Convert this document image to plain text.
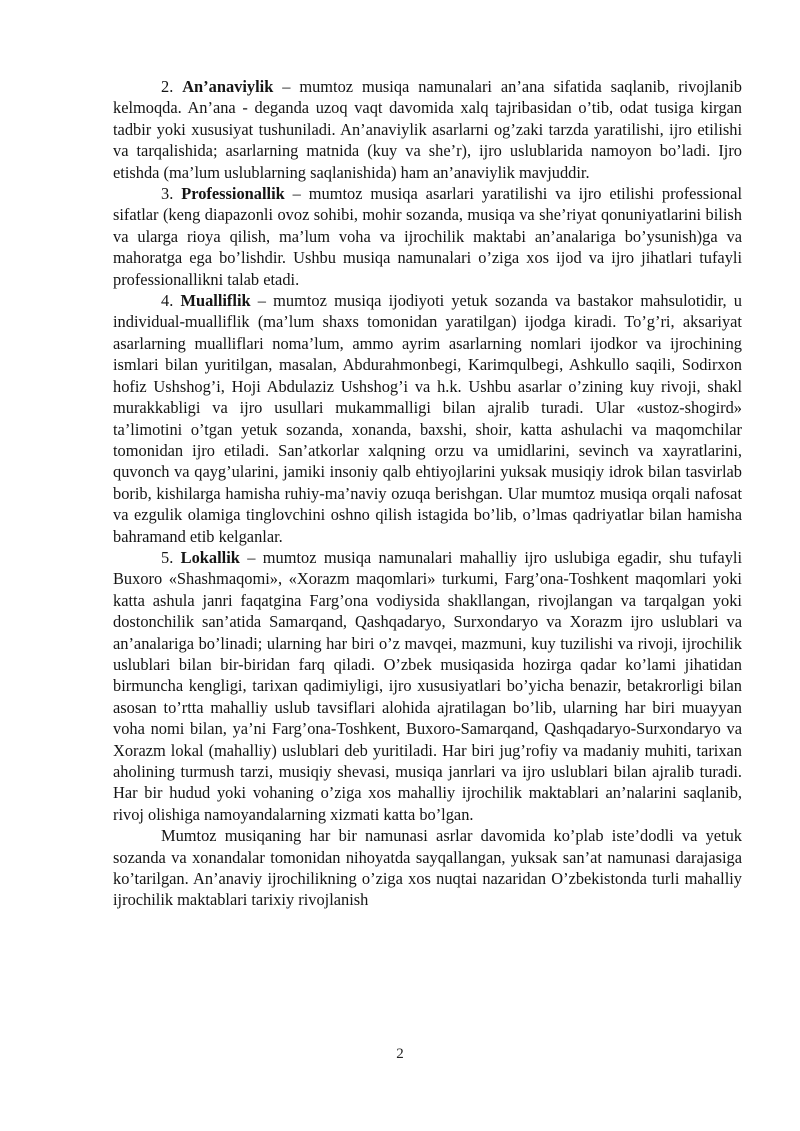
2. An’anaviylik – mumtoz musiqa namunalari an’ana sifatida saqlanib, rivojlanib kelmoqda. An’ana - deganda uzoq vaqt davomida xalq tajribasidan o’tib, odat tusiga kirgan tadbir yoki xususiyat tushuniladi. An’anaviylik asarlarni og’zaki tarzda yaratilishi, ijro etilishi va tarqalishida; asarlarning matnida (kuy va she’r), ijro uslublarida namoyon bo’ladi. Ijro etishda (ma’lum uslublarning saqlanishida) ham an’anaviylik mavjuddir.

3. Professionallik – mumtoz musiqa asarlari yaratilishi va ijro etilishi professional sifatlar (keng diapazonli ovoz sohibi, mohir sozanda, musiqa va she’riyat qonuniyatlarini bilish va ularga rioya qilish, ma’lum voha va ijrochilik maktabi an’analariga bo’ysunish)ga va mahoratga ega bo’lishdir. Ushbu musiqa namunalari o’ziga xos ijod va ijro jihatlari tufayli professionallikni talab etadi.

4. Mualliflik – mumtoz musiqa ijodiyoti yetuk sozanda va bastakor mahsulotidir, u individual-mualliflik (ma’lum shaxs tomonidan yaratilgan) ijodga kiradi. To’g’ri, aksariyat asarlarning mualliflari noma’lum, ammo ayrim asarlarning nomlari ijodkor va ijrochining ismlari bilan yuritilgan, masalan, Abdurahmonbegi, Karimqulbegi, Ashkullo saqili, Sodirxon hofiz Ushshog’i, Hoji Abdulaziz Ushshog’i va h.k. Ushbu asarlar o’zining kuy rivoji, shakl murakkabligi va ijro usullari mukammalligi bilan ajralib turadi. Ular «ustoz-shogird» ta’limotini o’tgan yetuk sozanda, xonanda, baxshi, shoir, katta ashulachi va maqomchilar tomonidan ijro etiladi. San’atkorlar xalqning orzu va umidlarini, sevinch va xayratlarini, quvonch va qayg’ularini, jamiki insoniy qalb ehtiyojlarini yuksak musiqiy idrok bilan tasvirlab borib, kishilarga hamisha ruhiy-ma’naviy ozuqa berishgan. Ular mumtoz musiqa orqali nafosat va ezgulik olamiga tinglovchini oshno qilish istagida bo’lib, o’lmas qadriyatlar bilan hamisha bahramand etib kelganlar.

5. Lokallik – mumtoz musiqa namunalari mahalliy ijro uslubiga egadir, shu tufayli Buxoro «Shashmaqomi», «Xorazm maqomlari» turkumi, Farg’ona-Toshkent maqomlari yoki katta ashula janri faqatgina Farg’ona vodiysida shakllangan, rivojlangan va tarqalgan yoki dostonchilik san’atida Samarqand, Qashqadaryo, Surxondaryo va Xorazm ijro uslublari va an’analariga bo’linadi; ularning har biri o’z mavqei, mazmuni, kuy tuzilishi va rivoji, ijrochilik uslublari bilan bir-biridan farq qiladi. O’zbek musiqasida hozirga qadar ko’lami jihatidan birmuncha kengligi, tarixan qadimiyligi, ijro xususiyatlari bo’yicha benazir, betakrorligi bilan asosan to’rtta mahalliy uslub tavsiflari alohida ajratilagan bo’lib, ularning har biri muayyan voha nomi bilan, ya’ni Farg’ona-Toshkent, Buxoro-Samarqand, Qashqadaryo-Surxondaryo va Xorazm lokal (mahalliy) uslublari deb yuritiladi. Har biri jug’rofiy va madaniy muhiti, tarixan aholining turmush tarzi, musiqiy shevasi, musiqa janrlari va ijro uslublari bilan ajralib turadi. Har bir hudud yoki vohaning o’ziga xos mahalliy ijrochilik maktablari an’nalarini saqlanib, rivoj olishiga namoyandalarning xizmati katta bo’lgan.

Mumtoz musiqaning har bir namunasi asrlar davomida ko’plab iste’dodli va yetuk sozanda va xonandalar tomonidan nihoyatda sayqallangan, yuksak san’at namunasi darajasiga ko’tarilgan. An’anaviy ijrochilikning o’ziga xos nuqtai nazaridan O’zbekistonda turli mahalliy ijrochilik maktablari tarixiy rivojlanish

2
